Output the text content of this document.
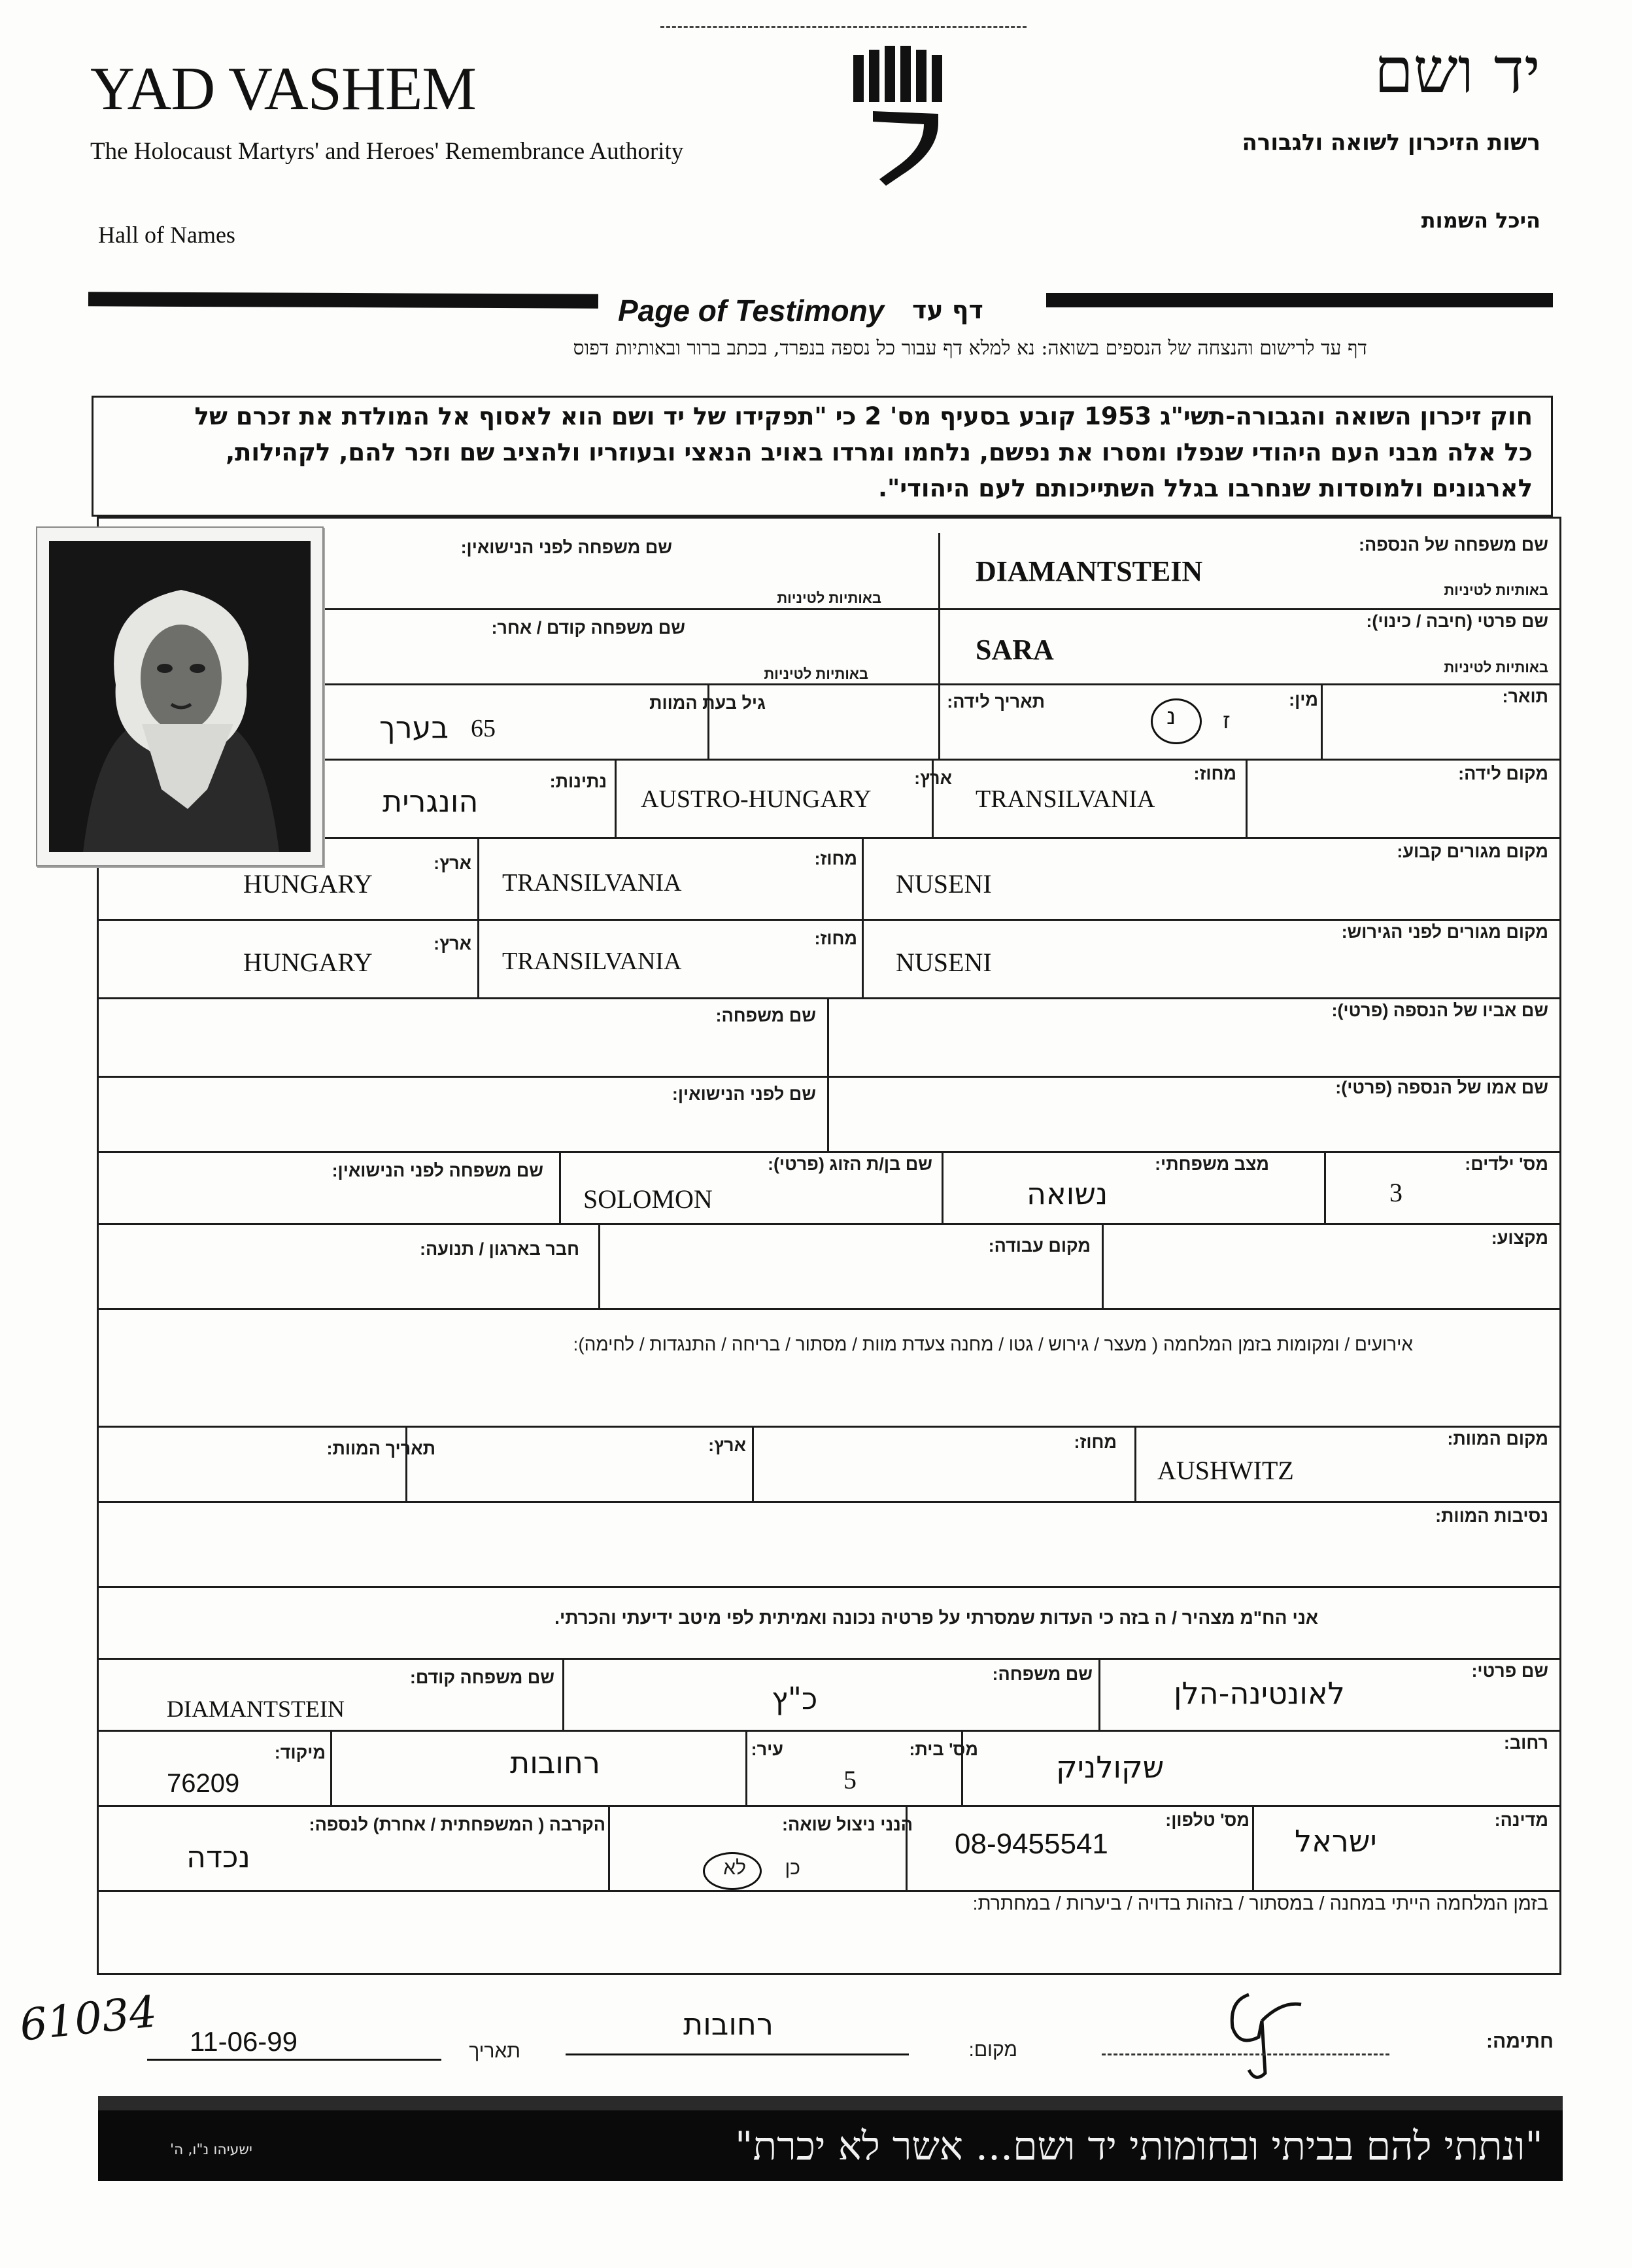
YAD VASHEM
The Holocaust Martyrs' and Heroes' Remembrance Authority
Hall of Names
יד ושם
רשות הזיכרון לשואה ולגבורה
היכל השמות
Page of Testimony דף עד
דף עד לרישום והנצחה של הנספים בשואה: נא למלא דף עבור כל נספה בנפרד, בכתב ברור ובאותיות דפוס
חוק זיכרון השואה והגבורה-תשי"ג 1953 קובע בסעיף מס' 2 כי "תפקידו של יד ושם הוא לאסוף אל המולדת את זכרם של
כל אלה מבני העם היהודי שנפלו ומסרו את נפשם, נלחמו ומרדו באויב הנאצי ובעוזריו ולהציב שם וזכר להם, לקהילות,
לארגונים ולמוסדות שנחרבו בגלל השתייכותם לעם היהודי".
שם משפחה של הנספה:
באותיות לטיניות
DIAMANTSTEIN
שם משפחה לפני הנישואין:
באותיות לטיניות
שם פרטי (חיבה / כינוי):
באותיות לטיניות
SARA
שם משפחה קודם / אחר:
באותיות לטיניות
תואר:
מין:
ז
נ
תאריך לידה:
גיל בעת המוות
65
בערך
מקום לידה:
מחוז:
TRANSILVANIA
ארץ:
AUSTRO-HUNGARY
נתינות:
הונגרית
מקום מגורים קבוע:
NUSENI
מחוז:
TRANSILVANIA
ארץ:
HUNGARY
מקום מגורים לפני הגירוש:
NUSENI
מחוז:
TRANSILVANIA
ארץ:
HUNGARY
שם אביו של הנספה (פרטי):
שם משפחה:
שם אמו של הנספה (פרטי):
שם לפני הנישואין:
מס' ילדים:
3
מצב משפחתי:
נשואה
שם בן/ת הזוג (פרטי):
SOLOMON
שם משפחה לפני הנישואין:
מקצוע:
מקום עבודה:
חבר בארגון / תנועה:
אירועים / ומקומות בזמן המלחמה ( מעצר / גירוש / גטו / מחנה צעדת מוות / מסתור / בריחה / התנגדות / לחימה):
מקום המוות:
AUSHWITZ
מחוז:
ארץ:
תאריך המוות:
נסיבות המוות:
אני הח"מ מצהיר / ה בזה כי העדות שמסרתי על פרטיה נכונה ואמיתית לפי מיטב ידיעתי והכרתי.
שם פרטי:
לאונטינה-הלן
שם משפחה:
כ"ץ
שם משפחה קודם:
DIAMANTSTEIN
רחוב:
שקולניק
מס' בית:
5
עיר:
רחובות
מיקוד:
76209
מדינה:
ישראל
מס' טלפון:
08-9455541
הנני ניצול שואה:
כן
לא
הקרבה ( המשפחתית / אחרת) לנספה:
נכדה
בזמן המלחמה הייתי במחנה / במסתור / בזהות בדויה / ביערות / במחתרת:
61034	חתימה:
מקום:
רחובות
תאריך
11-06-99
"ונתתי להם בביתי ובחומותי יד ושם... אשר לא יכרת"
ישעיהו נ"ו, ה'
